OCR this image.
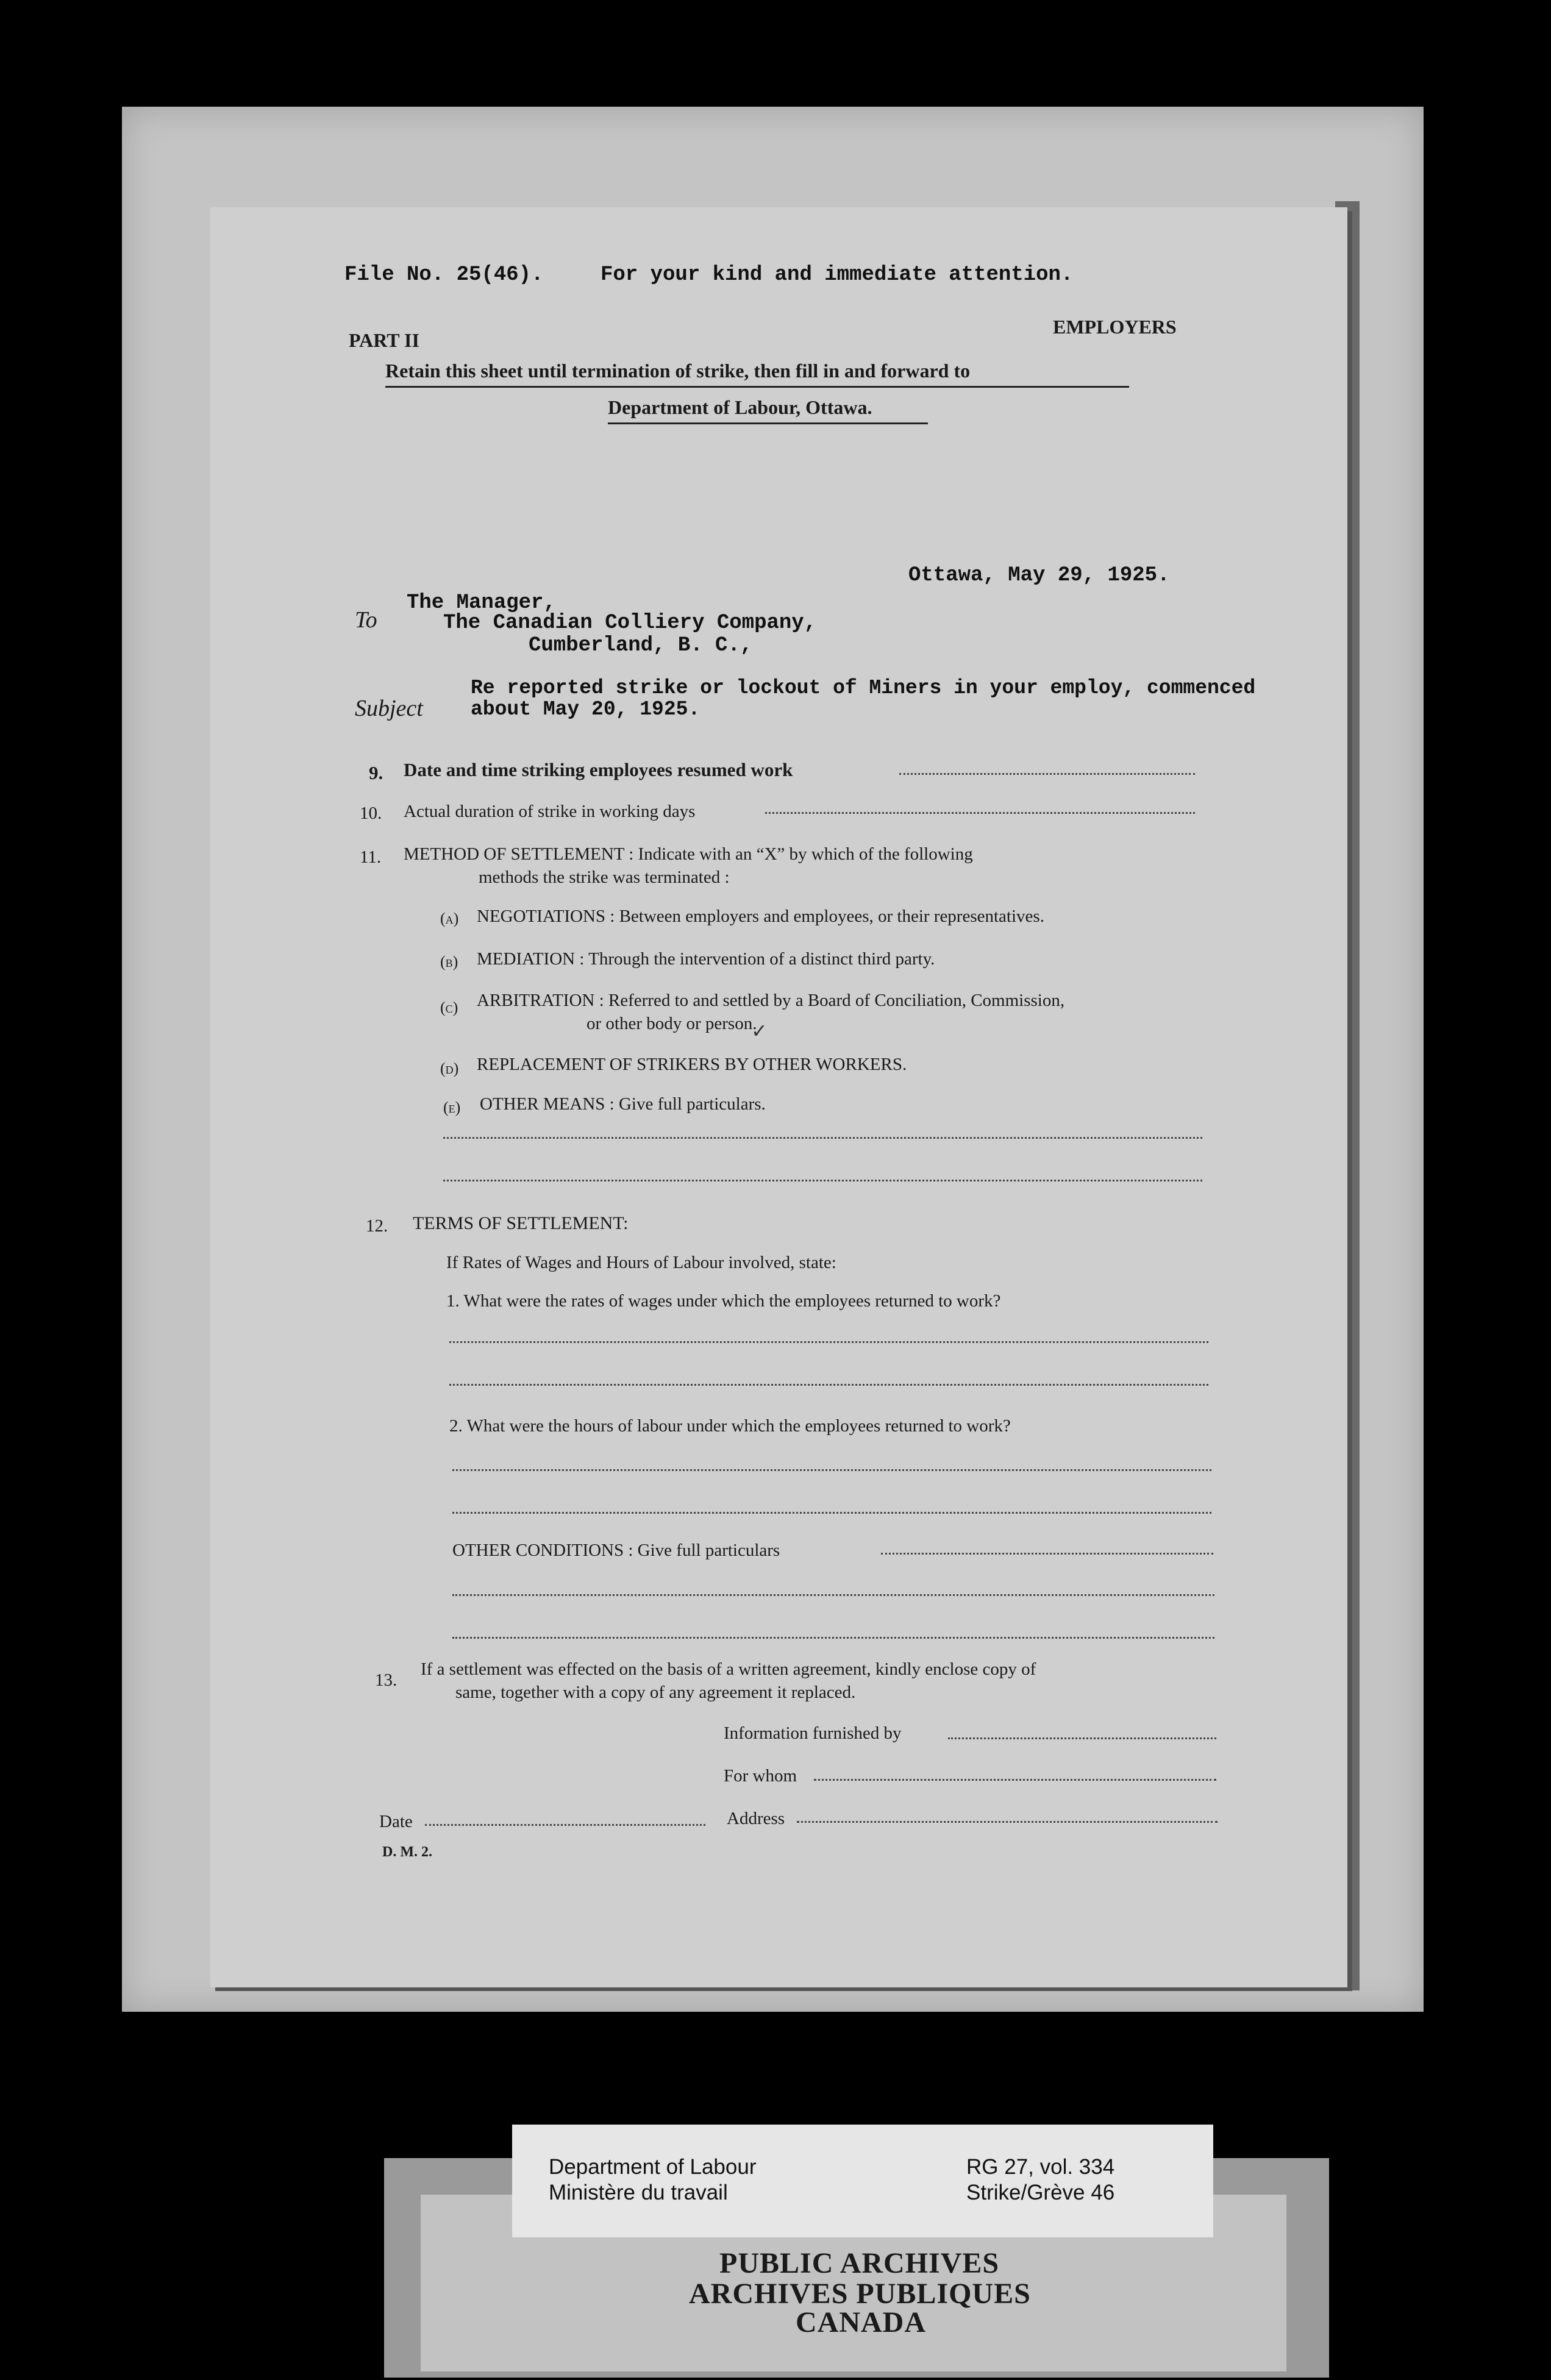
File No. 25(46).	For your kind and immediate attention.
PART II
EMPLOYERS
Retain this sheet until termination of strike, then fill in and forward to
Department of Labour, Ottawa.
Ottawa, May 29, 1925.
To
The Manager,
The Canadian Colliery Company,
Cumberland, B. C.,
Subject
Re reported strike or lockout of Miners in your employ, commenced
about May 20, 1925.
9. Date and time striking employees resumed work
10. Actual duration of strike in working days
11. METHOD OF SETTLEMENT : Indicate with an “X” by which of the following
methods the strike was terminated :
(a) NEGOTIATIONS : Between employers and employees, or their representatives.
(b) MEDIATION : Through the intervention of a distinct third party.
(c) ARBITRATION : Referred to and settled by a Board of Conciliation, Commission,
or other body or person.
✓
(d) REPLACEMENT OF STRIKERS BY OTHER WORKERS.
(e) OTHER MEANS : Give full particulars.
12. TERMS OF SETTLEMENT:
If Rates of Wages and Hours of Labour involved, state:
1. What were the rates of wages under which the employees returned to work?
2. What were the hours of labour under which the employees returned to work?
OTHER CONDITIONS : Give full particulars
13.
If a settlement was effected on the basis of a written agreement, kindly enclose copy of
same, together with a copy of any agreement it replaced.
Information furnished by
For whom
Date	Address
D. M. 2.
Department of Labour
Ministère du travail
RG 27, vol. 334
Strike/Grève 46
PUBLIC ARCHIVES
ARCHIVES PUBLIQUES
CANADA
